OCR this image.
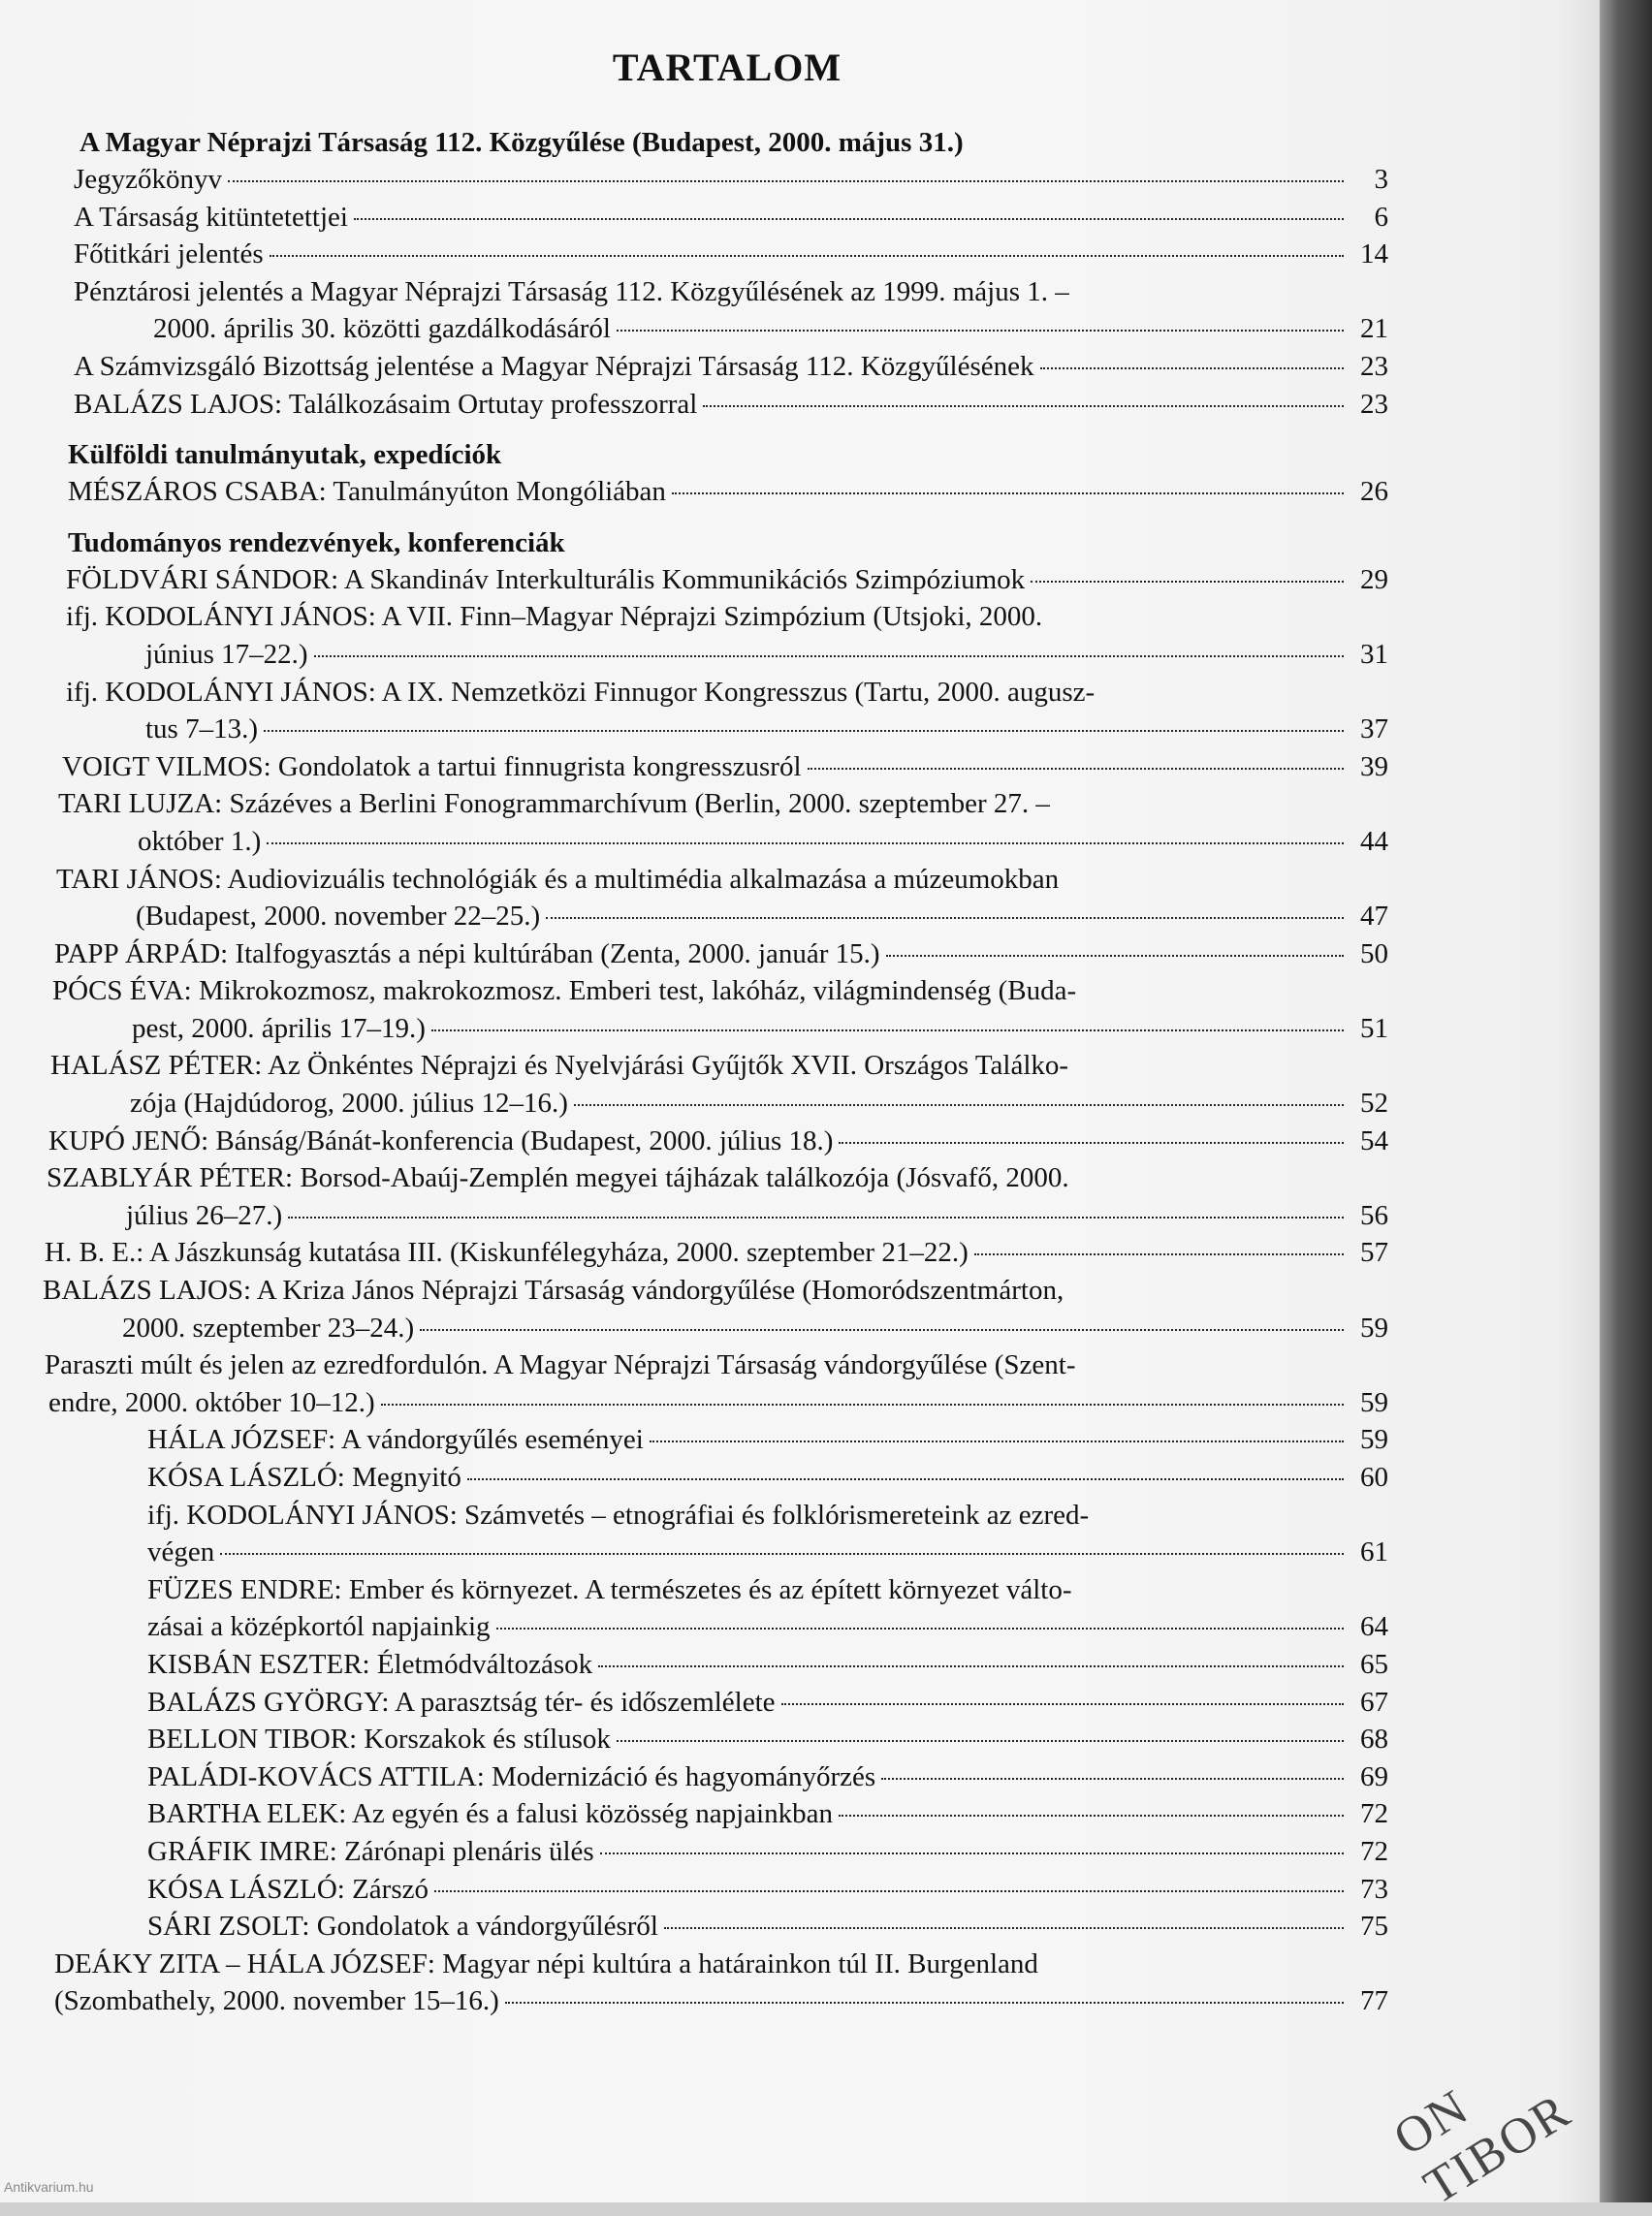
TARTALOM
A Magyar Néprajzi Társaság 112. Közgyűlése (Budapest, 2000. május 31.)
Jegyzőkönyv	3
A Társaság kitüntetettjei	6
Főtitkári jelentés	14
Pénztárosi jelentés a Magyar Néprajzi Társaság 112. Közgyűlésének az 1999. május 1. –
2000. április 30. közötti gazdálkodásáról	21
A Számvizsgáló Bizottság jelentése a Magyar Néprajzi Társaság 112. Közgyűlésének	23
BALÁZS LAJOS: Találkozásaim Ortutay professzorral	23
Külföldi tanulmányutak, expedíciók
MÉSZÁROS CSABA: Tanulmányúton Mongóliában	26
Tudományos rendezvények, konferenciák
FÖLDVÁRI SÁNDOR: A Skandináv Interkulturális Kommunikációs Szimpóziumok	29
ifj. KODOLÁNYI JÁNOS: A VII. Finn–Magyar Néprajzi Szimpózium (Utsjoki, 2000.
június 17–22.)	31
ifj. KODOLÁNYI JÁNOS: A IX. Nemzetközi Finnugor Kongresszus (Tartu, 2000. augusz-
tus 7–13.)	37
VOIGT VILMOS: Gondolatok a tartui finnugrista kongresszusról	39
TARI LUJZA: Százéves a Berlini Fonogrammarchívum (Berlin, 2000. szeptember 27. –
október 1.)	44
TARI JÁNOS: Audiovizuális technológiák és a multimédia alkalmazása a múzeumokban
(Budapest, 2000. november 22–25.)	47
PAPP ÁRPÁD: Italfogyasztás a népi kultúrában (Zenta, 2000. január 15.)	50
PÓCS ÉVA: Mikrokozmosz, makrokozmosz. Emberi test, lakóház, világmindenség (Buda-
pest, 2000. április 17–19.)	51
HALÁSZ PÉTER: Az Önkéntes Néprajzi és Nyelvjárási Gyűjtők XVII. Országos Találko-
zója (Hajdúdorog, 2000. július 12–16.)	52
KUPÓ JENŐ: Bánság/Bánát-konferencia (Budapest, 2000. július 18.)	54
SZABLYÁR PÉTER: Borsod-Abaúj-Zemplén megyei tájházak találkozója (Jósvafő, 2000.
július 26–27.)	56
H. B. E.: A Jászkunság kutatása III. (Kiskunfélegyháza, 2000. szeptember 21–22.)	57
BALÁZS LAJOS: A Kriza János Néprajzi Társaság vándorgyűlése (Homoródszentmárton,
2000. szeptember 23–24.)	59
Paraszti múlt és jelen az ezredfordulón. A Magyar Néprajzi Társaság vándorgyűlése (Szent-
endre, 2000. október 10–12.)	59
HÁLA JÓZSEF: A vándorgyűlés eseményei	59
KÓSA LÁSZLÓ: Megnyitó	60
ifj. KODOLÁNYI JÁNOS: Számvetés – etnográfiai és folklórismereteink az ezred-
végen	61
FÜZES ENDRE: Ember és környezet. A természetes és az épített környezet válto-
zásai a középkortól napjainkig	64
KISBÁN ESZTER: Életmódváltozások	65
BALÁZS GYÖRGY: A parasztság tér- és időszemlélete	67
BELLON TIBOR: Korszakok és stílusok	68
PALÁDI-KOVÁCS ATTILA: Modernizáció és hagyományőrzés	69
BARTHA ELEK: Az egyén és a falusi közösség napjainkban	72
GRÁFIK IMRE: Zárónapi plenáris ülés	72
KÓSA LÁSZLÓ: Zárszó	73
SÁRI ZSOLT: Gondolatok a vándorgyűlésről	75
DEÁKY ZITA – HÁLA JÓZSEF: Magyar népi kultúra a határainkon túl II. Burgenland
(Szombathely, 2000. november 15–16.)	77
ON TIBOR
Antikvarium.hu
